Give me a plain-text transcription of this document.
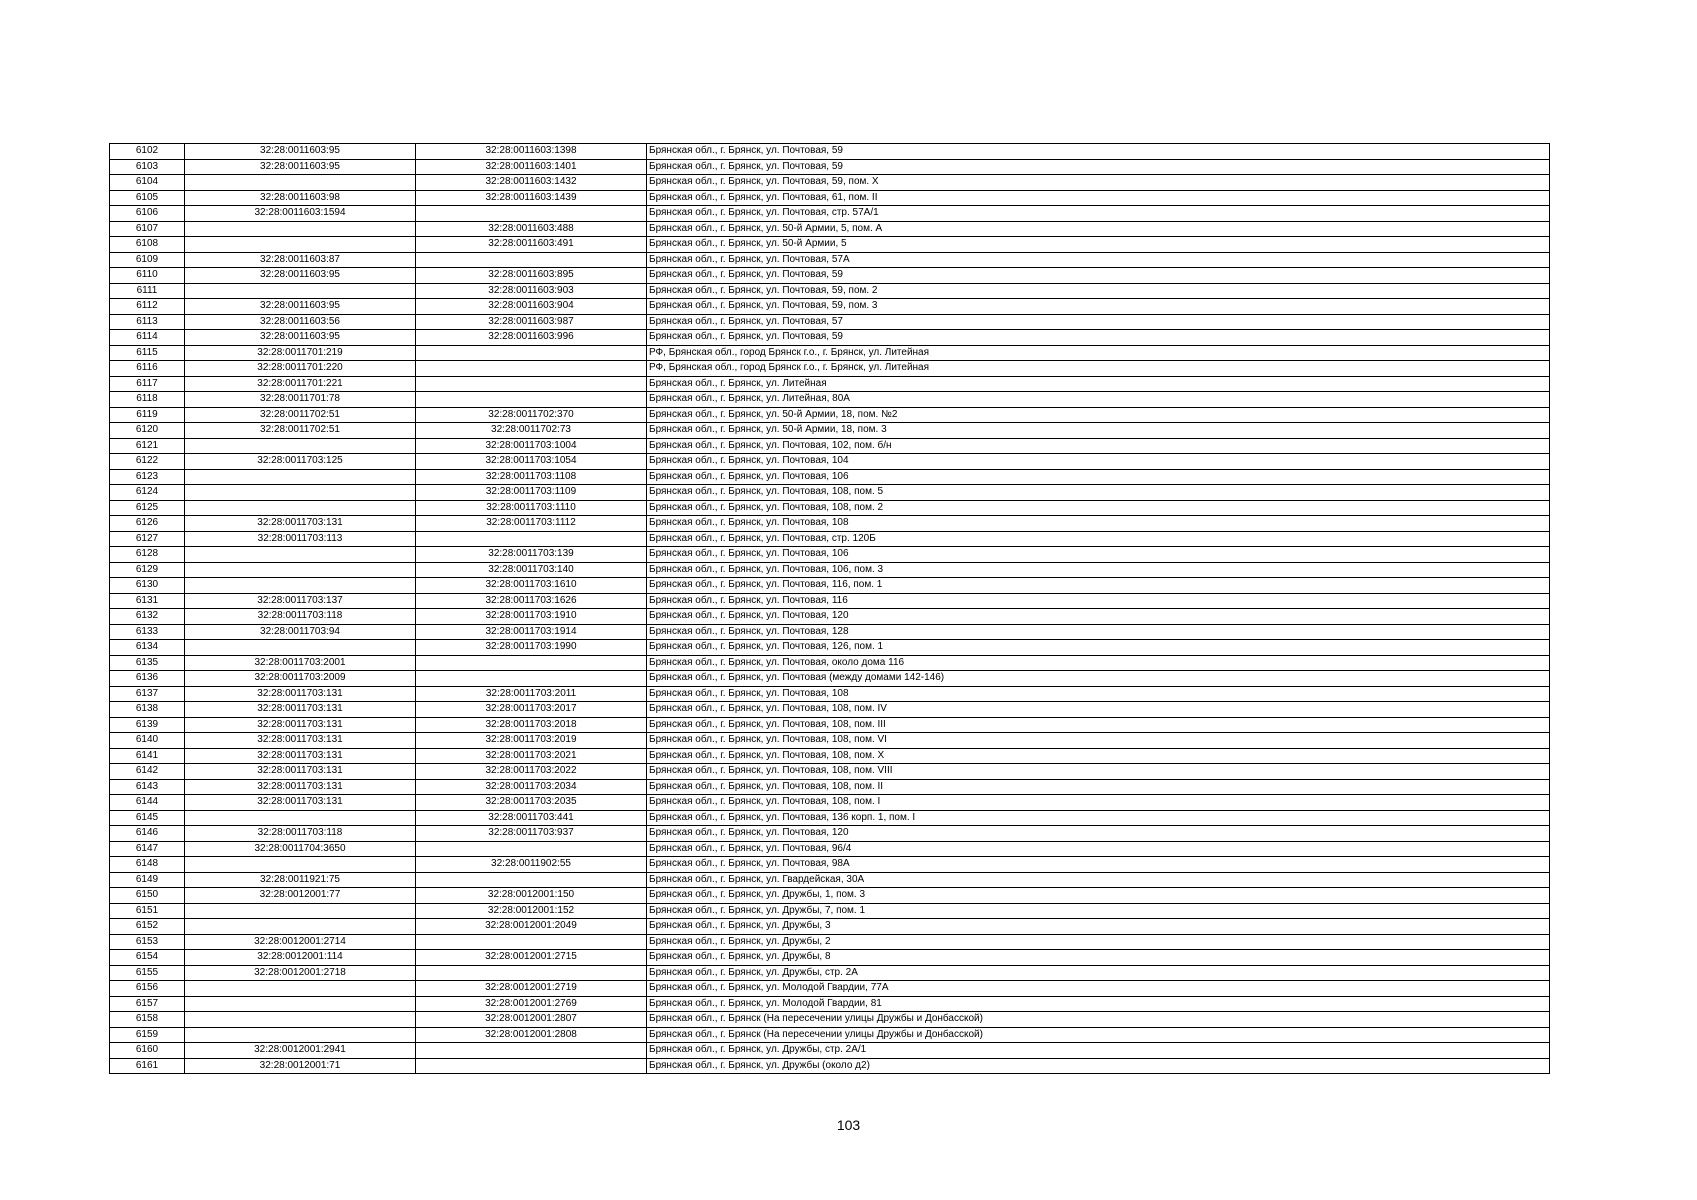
6102	32:28:0011603:95	32:28:0011603:1398	Брянская обл., г. Брянск, ул. Почтовая, 59
6103	32:28:0011603:95	32:28:0011603:1401	Брянская обл., г. Брянск, ул. Почтовая, 59
6104		32:28:0011603:1432	Брянская обл., г. Брянск, ул. Почтовая, 59, пом. X
6105	32:28:0011603:98	32:28:0011603:1439	Брянская обл., г. Брянск, ул. Почтовая, 61, пом. II
6106	32:28:0011603:1594		Брянская обл., г. Брянск, ул. Почтовая, стр. 57А/1
6107		32:28:0011603:488	Брянская обл., г. Брянск, ул. 50-й Армии, 5, пом. А
6108		32:28:0011603:491	Брянская обл., г. Брянск, ул. 50-й Армии, 5
6109	32:28:0011603:87		Брянская обл., г. Брянск, ул. Почтовая, 57А
6110	32:28:0011603:95	32:28:0011603:895	Брянская обл., г. Брянск, ул. Почтовая, 59
6111		32:28:0011603:903	Брянская обл., г. Брянск, ул. Почтовая, 59, пом. 2
6112	32:28:0011603:95	32:28:0011603:904	Брянская обл., г. Брянск, ул. Почтовая, 59, пом. 3
6113	32:28:0011603:56	32:28:0011603:987	Брянская обл., г. Брянск, ул. Почтовая, 57
6114	32:28:0011603:95	32:28:0011603:996	Брянская обл., г. Брянск, ул. Почтовая, 59
6115	32:28:0011701:219		РФ, Брянская обл., город Брянск г.о., г. Брянск, ул. Литейная
6116	32:28:0011701:220		РФ, Брянская обл., город Брянск г.о., г. Брянск, ул. Литейная
6117	32:28:0011701:221		Брянская обл., г. Брянск, ул. Литейная
6118	32:28:0011701:78		Брянская обл., г. Брянск, ул. Литейная, 80А
6119	32:28:0011702:51	32:28:0011702:370	Брянская обл., г. Брянск, ул. 50-й Армии, 18, пом. №2
6120	32:28:0011702:51	32:28:0011702:73	Брянская обл., г. Брянск, ул. 50-й Армии, 18, пом. 3
6121		32:28:0011703:1004	Брянская обл., г. Брянск, ул. Почтовая, 102, пом. б/н
6122	32:28:0011703:125	32:28:0011703:1054	Брянская обл., г. Брянск, ул. Почтовая, 104
6123		32:28:0011703:1108	Брянская обл., г. Брянск, ул. Почтовая, 106
6124		32:28:0011703:1109	Брянская обл., г. Брянск, ул. Почтовая, 108, пом. 5
6125		32:28:0011703:1110	Брянская обл., г. Брянск, ул. Почтовая, 108, пом. 2
6126	32:28:0011703:131	32:28:0011703:1112	Брянская обл., г. Брянск, ул. Почтовая, 108
6127	32:28:0011703:113		Брянская обл., г. Брянск, ул. Почтовая, стр. 120Б
6128		32:28:0011703:139	Брянская обл., г. Брянск, ул. Почтовая, 106
6129		32:28:0011703:140	Брянская обл., г. Брянск, ул. Почтовая, 106, пом. 3
6130		32:28:0011703:1610	Брянская обл., г. Брянск, ул. Почтовая, 116, пом. 1
6131	32:28:0011703:137	32:28:0011703:1626	Брянская обл., г. Брянск, ул. Почтовая, 116
6132	32:28:0011703:118	32:28:0011703:1910	Брянская обл., г. Брянск, ул. Почтовая, 120
6133	32:28:0011703:94	32:28:0011703:1914	Брянская обл., г. Брянск, ул. Почтовая, 128
6134		32:28:0011703:1990	Брянская обл., г. Брянск, ул. Почтовая, 126, пом. 1
6135	32:28:0011703:2001		Брянская обл., г. Брянск, ул. Почтовая, около дома 116
6136	32:28:0011703:2009		Брянская обл., г. Брянск, ул. Почтовая (между домами 142-146)
6137	32:28:0011703:131	32:28:0011703:2011	Брянская обл., г. Брянск, ул. Почтовая, 108
6138	32:28:0011703:131	32:28:0011703:2017	Брянская обл., г. Брянск, ул. Почтовая, 108, пом. IV
6139	32:28:0011703:131	32:28:0011703:2018	Брянская обл., г. Брянск, ул. Почтовая, 108, пом. III
6140	32:28:0011703:131	32:28:0011703:2019	Брянская обл., г. Брянск, ул. Почтовая, 108, пом. VI
6141	32:28:0011703:131	32:28:0011703:2021	Брянская обл., г. Брянск, ул. Почтовая, 108, пом. X
6142	32:28:0011703:131	32:28:0011703:2022	Брянская обл., г. Брянск, ул. Почтовая, 108, пом. VIII
6143	32:28:0011703:131	32:28:0011703:2034	Брянская обл., г. Брянск, ул. Почтовая, 108, пом. II
6144	32:28:0011703:131	32:28:0011703:2035	Брянская обл., г. Брянск, ул. Почтовая, 108, пом. I
6145		32:28:0011703:441	Брянская обл., г. Брянск, ул. Почтовая, 136 корп. 1, пом. I
6146	32:28:0011703:118	32:28:0011703:937	Брянская обл., г. Брянск, ул. Почтовая, 120
6147	32:28:0011704:3650		Брянская обл., г. Брянск, ул. Почтовая, 96/4
6148		32:28:0011902:55	Брянская обл., г. Брянск, ул. Почтовая, 98А
6149	32:28:0011921:75		Брянская обл., г. Брянск, ул. Гвардейская, 30А
6150	32:28:0012001:77	32:28:0012001:150	Брянская обл., г. Брянск, ул. Дружбы, 1, пом. 3
6151		32:28:0012001:152	Брянская обл., г. Брянск, ул. Дружбы, 7, пом. 1
6152		32:28:0012001:2049	Брянская обл., г. Брянск, ул. Дружбы, 3
6153	32:28:0012001:2714		Брянская обл., г. Брянск, ул. Дружбы, 2
6154	32:28:0012001:114	32:28:0012001:2715	Брянская обл., г. Брянск, ул. Дружбы, 8
6155	32:28:0012001:2718		Брянская обл., г. Брянск, ул. Дружбы, стр. 2А
6156		32:28:0012001:2719	Брянская обл., г. Брянск, ул. Молодой Гвардии, 77А
6157		32:28:0012001:2769	Брянская обл., г. Брянск, ул. Молодой Гвардии, 81
6158		32:28:0012001:2807	Брянская обл., г. Брянск (На пересечении улицы Дружбы и Донбасской)
6159		32:28:0012001:2808	Брянская обл., г. Брянск (На пересечении улицы Дружбы и Донбасской)
6160	32:28:0012001:2941		Брянская обл., г. Брянск, ул. Дружбы, стр. 2А/1
6161	32:28:0012001:71		Брянская обл., г. Брянск, ул. Дружбы (около д2)
103
